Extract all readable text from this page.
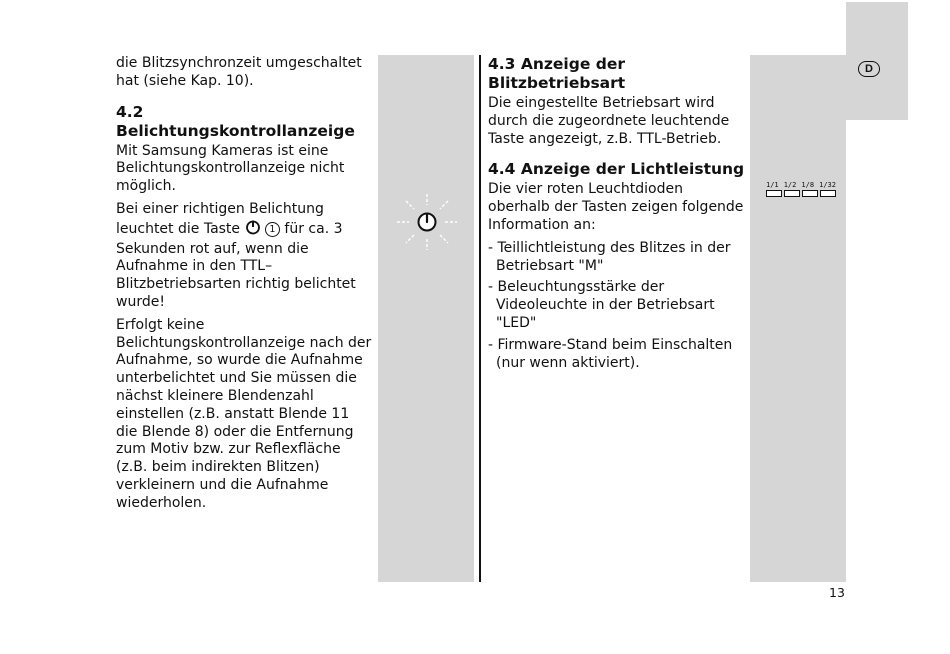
D

die Blitzsynchronzeit umgeschaltet hat (siehe Kap. 10).

4.2 Belichtungskontrollanzeige

Mit Samsung Kameras ist eine Belichtungskontrollanzeige nicht möglich.

Bei einer richtigen Belichtung leuchtet die Taste	1 für ca. 3 Sekunden rot auf, wenn die Aufnahme in den TTL–Blitzbetriebsarten richtig belichtet wurde!

Erfolgt keine Belichtungskontrollanzeige nach der Aufnahme, so wurde die Aufnahme unterbelichtet und Sie müssen die nächst kleinere Blendenzahl einstellen (z.B. anstatt Blende 11 die Blende 8) oder die Entfernung zum Motiv bzw. zur Reflexfläche (z.B. beim indirekten Blitzen) verkleinern und die Aufnahme wiederholen.

4.3 Anzeige der Blitzbetriebsart

Die eingestellte Betriebsart wird durch die zugeordnete leuchtende Taste angezeigt, z.B. TTL-Betrieb.

4.4 Anzeige der Lichtleistung

Die vier roten Leuchtdioden oberhalb der Tasten zeigen folgende Information an:

- Teillichtleistung des Blitzes in der Betriebsart "M"
- Beleuchtungsstärke der Videoleuchte in der Betriebsart "LED"
- Firmware-Stand beim Einschalten (nur wenn aktiviert).
1/1 1/2 1/8 1/32
13
